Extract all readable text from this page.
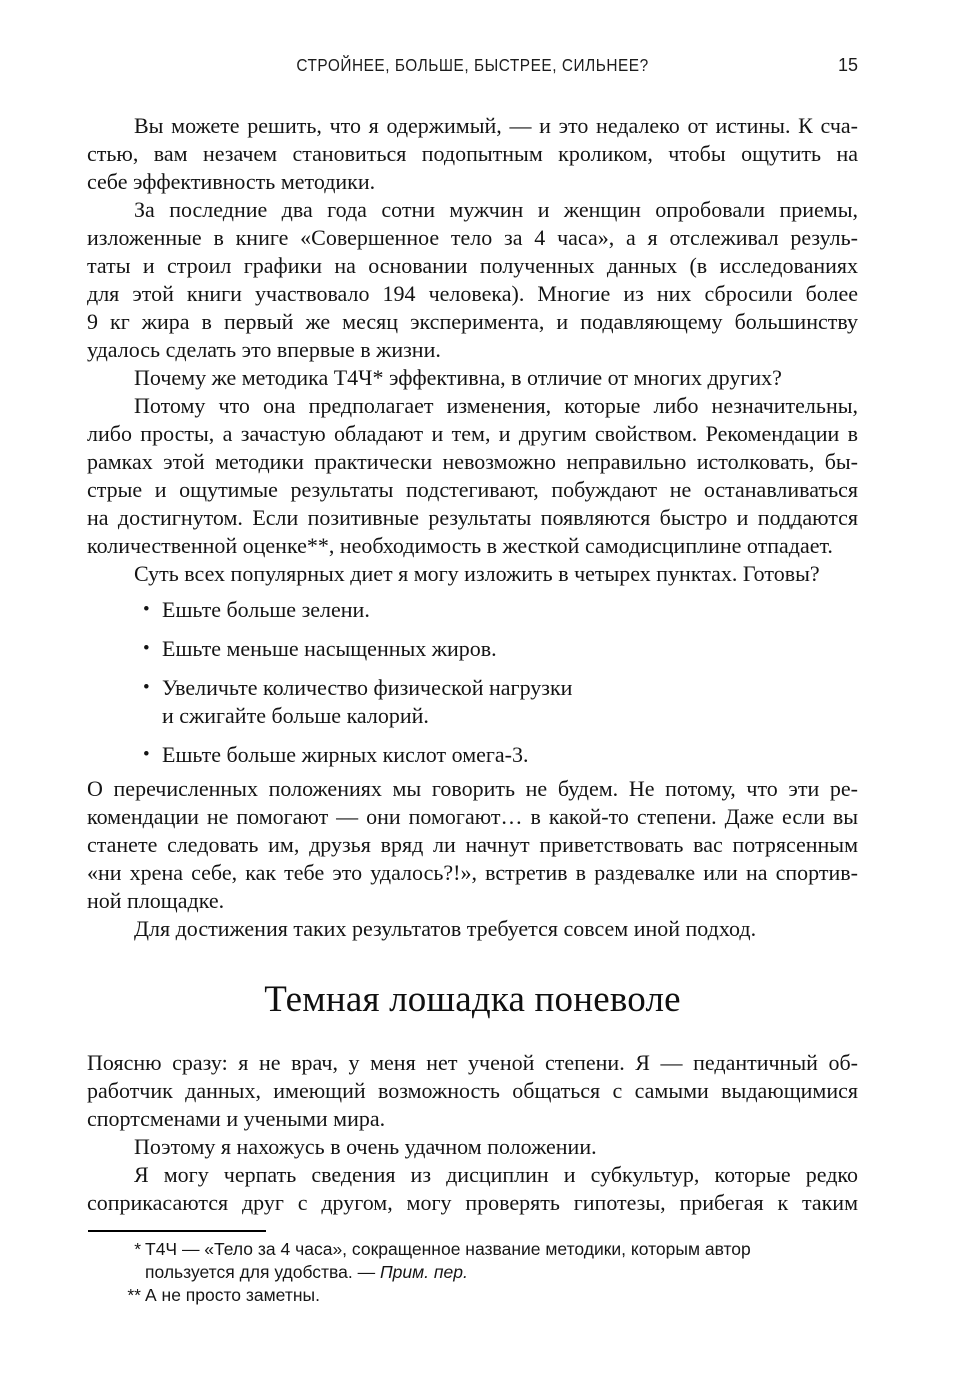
СТРОЙНЕЕ, БОЛЬШЕ, БЫСТРЕЕ, СИЛЬНЕЕ?	15
Вы можете решить, что я одержимый, — и это недалеко от истины. К сча-
стью, вам незачем становиться подопытным кроликом, чтобы ощутить на
себе эффективность методики.
За последние два года сотни мужчин и женщин опробовали приемы,
изложенные в книге «Совершенное тело за 4 часа», а я отслеживал резуль-
таты и строил графики на основании полученных данных (в исследованиях
для этой книги участвовало 194 человека). Многие из них сбросили более
9 кг жира в первый же месяц эксперимента, и подавляющему большинству
удалось сделать это впервые в жизни.
Почему же методика Т4Ч* эффективна, в отличие от многих других?
Потому что она предполагает изменения, которые либо незначительны,
либо просты, а зачастую обладают и тем, и другим свойством. Рекомендации в
рамках этой методики практически невозможно неправильно истолковать, бы-
стрые и ощутимые результаты подстегивают, побуждают не останавливаться
на достигнутом. Если позитивные результаты появляются быстро и поддаются
количественной оценке**, необходимость в жесткой самодисциплине отпадает.
Суть всех популярных диет я могу изложить в четырех пунктах. Готовы?
• Ешьте больше зелени.
• Ешьте меньше насыщенных жиров.
• Увеличьте количество физической нагрузки
и сжигайте больше калорий.
• Ешьте больше жирных кислот омега-3.
О перечисленных положениях мы говорить не будем. Не потому, что эти ре-
комендации не помогают — они помогают… в какой-то степени. Даже если вы
станете следовать им, друзья вряд ли начнут приветствовать вас потрясенным
«ни хрена себе, как тебе это удалось?!», встретив в раздевалке или на спортив-
ной площадке.
Для достижения таких результатов требуется совсем иной подход.
Темная лошадка поневоле
Поясню сразу: я не врач, у меня нет ученой степени. Я — педантичный об-
работчик данных, имеющий возможность общаться с самыми выдающимися
спортсменами и учеными мира.
Поэтому я нахожусь в очень удачном положении.
Я могу черпать сведения из дисциплин и субкультур, которые редко
соприкасаются друг с другом, могу проверять гипотезы, прибегая к таким
* Т4Ч — «Тело за 4 часа», сокращенное название методики, которым автор
пользуется для удобства. — Прим. пер.
** А не просто заметны.
